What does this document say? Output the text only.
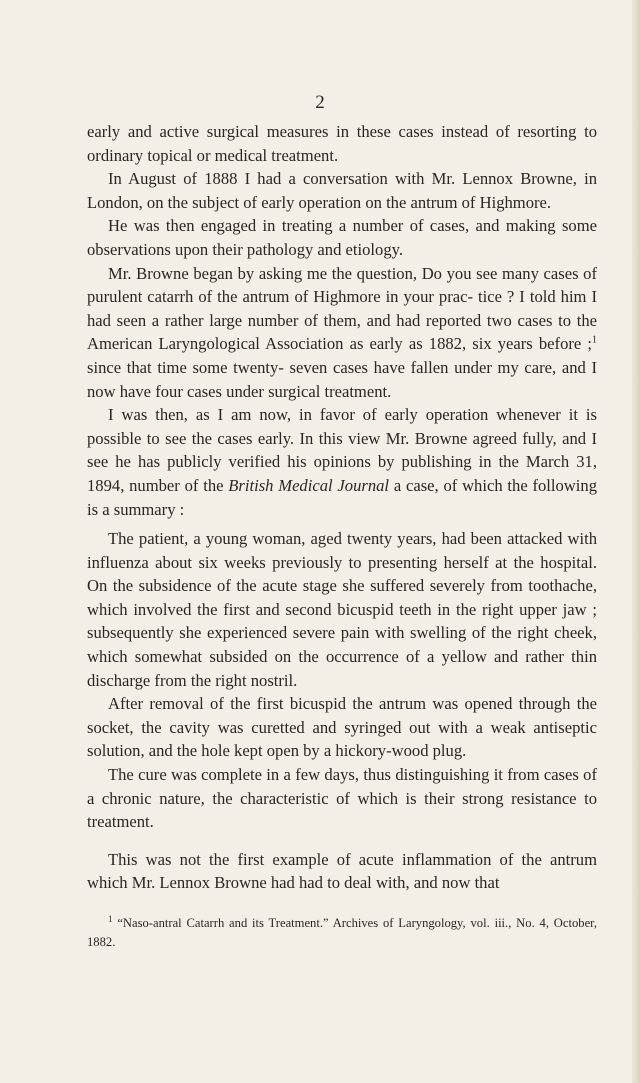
2

early and active surgical measures in these cases instead of resorting to ordinary topical or medical treatment.

In August of 1888 I had a conversation with Mr. Lennox Browne, in London, on the subject of early operation on the antrum of Highmore.

He was then engaged in treating a number of cases, and making some observations upon their pathology and etiology.

Mr. Browne began by asking me the question, Do you see many cases of purulent catarrh of the antrum of Highmore in your prac- tice ? I told him I had seen a rather large number of them, and had reported two cases to the American Laryngological Association as early as 1882, six years before ;$^1$ since that time some twenty- seven cases have fallen under my care, and I now have four cases under surgical treatment.

I was then, as I am now, in favor of early operation whenever it is possible to see the cases early. In this view Mr. Browne agreed fully, and I see he has publicly verified his opinions by publishing in the March 31, 1894, number of the British Medical Journal a case, of which the following is a summary :

The patient, a young woman, aged twenty years, had been attacked with influenza about six weeks previously to presenting herself at the hospital. On the subsidence of the acute stage she suffered severely from toothache, which involved the first and second bicuspid teeth in the right upper jaw ; subsequently she experienced severe pain with swelling of the right cheek, which somewhat subsided on the occurrence of a yellow and rather thin discharge from the right nostril.

After removal of the first bicuspid the antrum was opened through the socket, the cavity was curetted and syringed out with a weak antiseptic solution, and the hole kept open by a hickory-wood plug.

The cure was complete in a few days, thus distinguishing it from cases of a chronic nature, the characteristic of which is their strong resistance to treatment.

This was not the first example of acute inflammation of the antrum which Mr. Lennox Browne had had to deal with, and now that

$^1$ “Naso-antral Catarrh and its Treatment.” Archives of Laryngology, vol. iii., No. 4, October, 1882.
